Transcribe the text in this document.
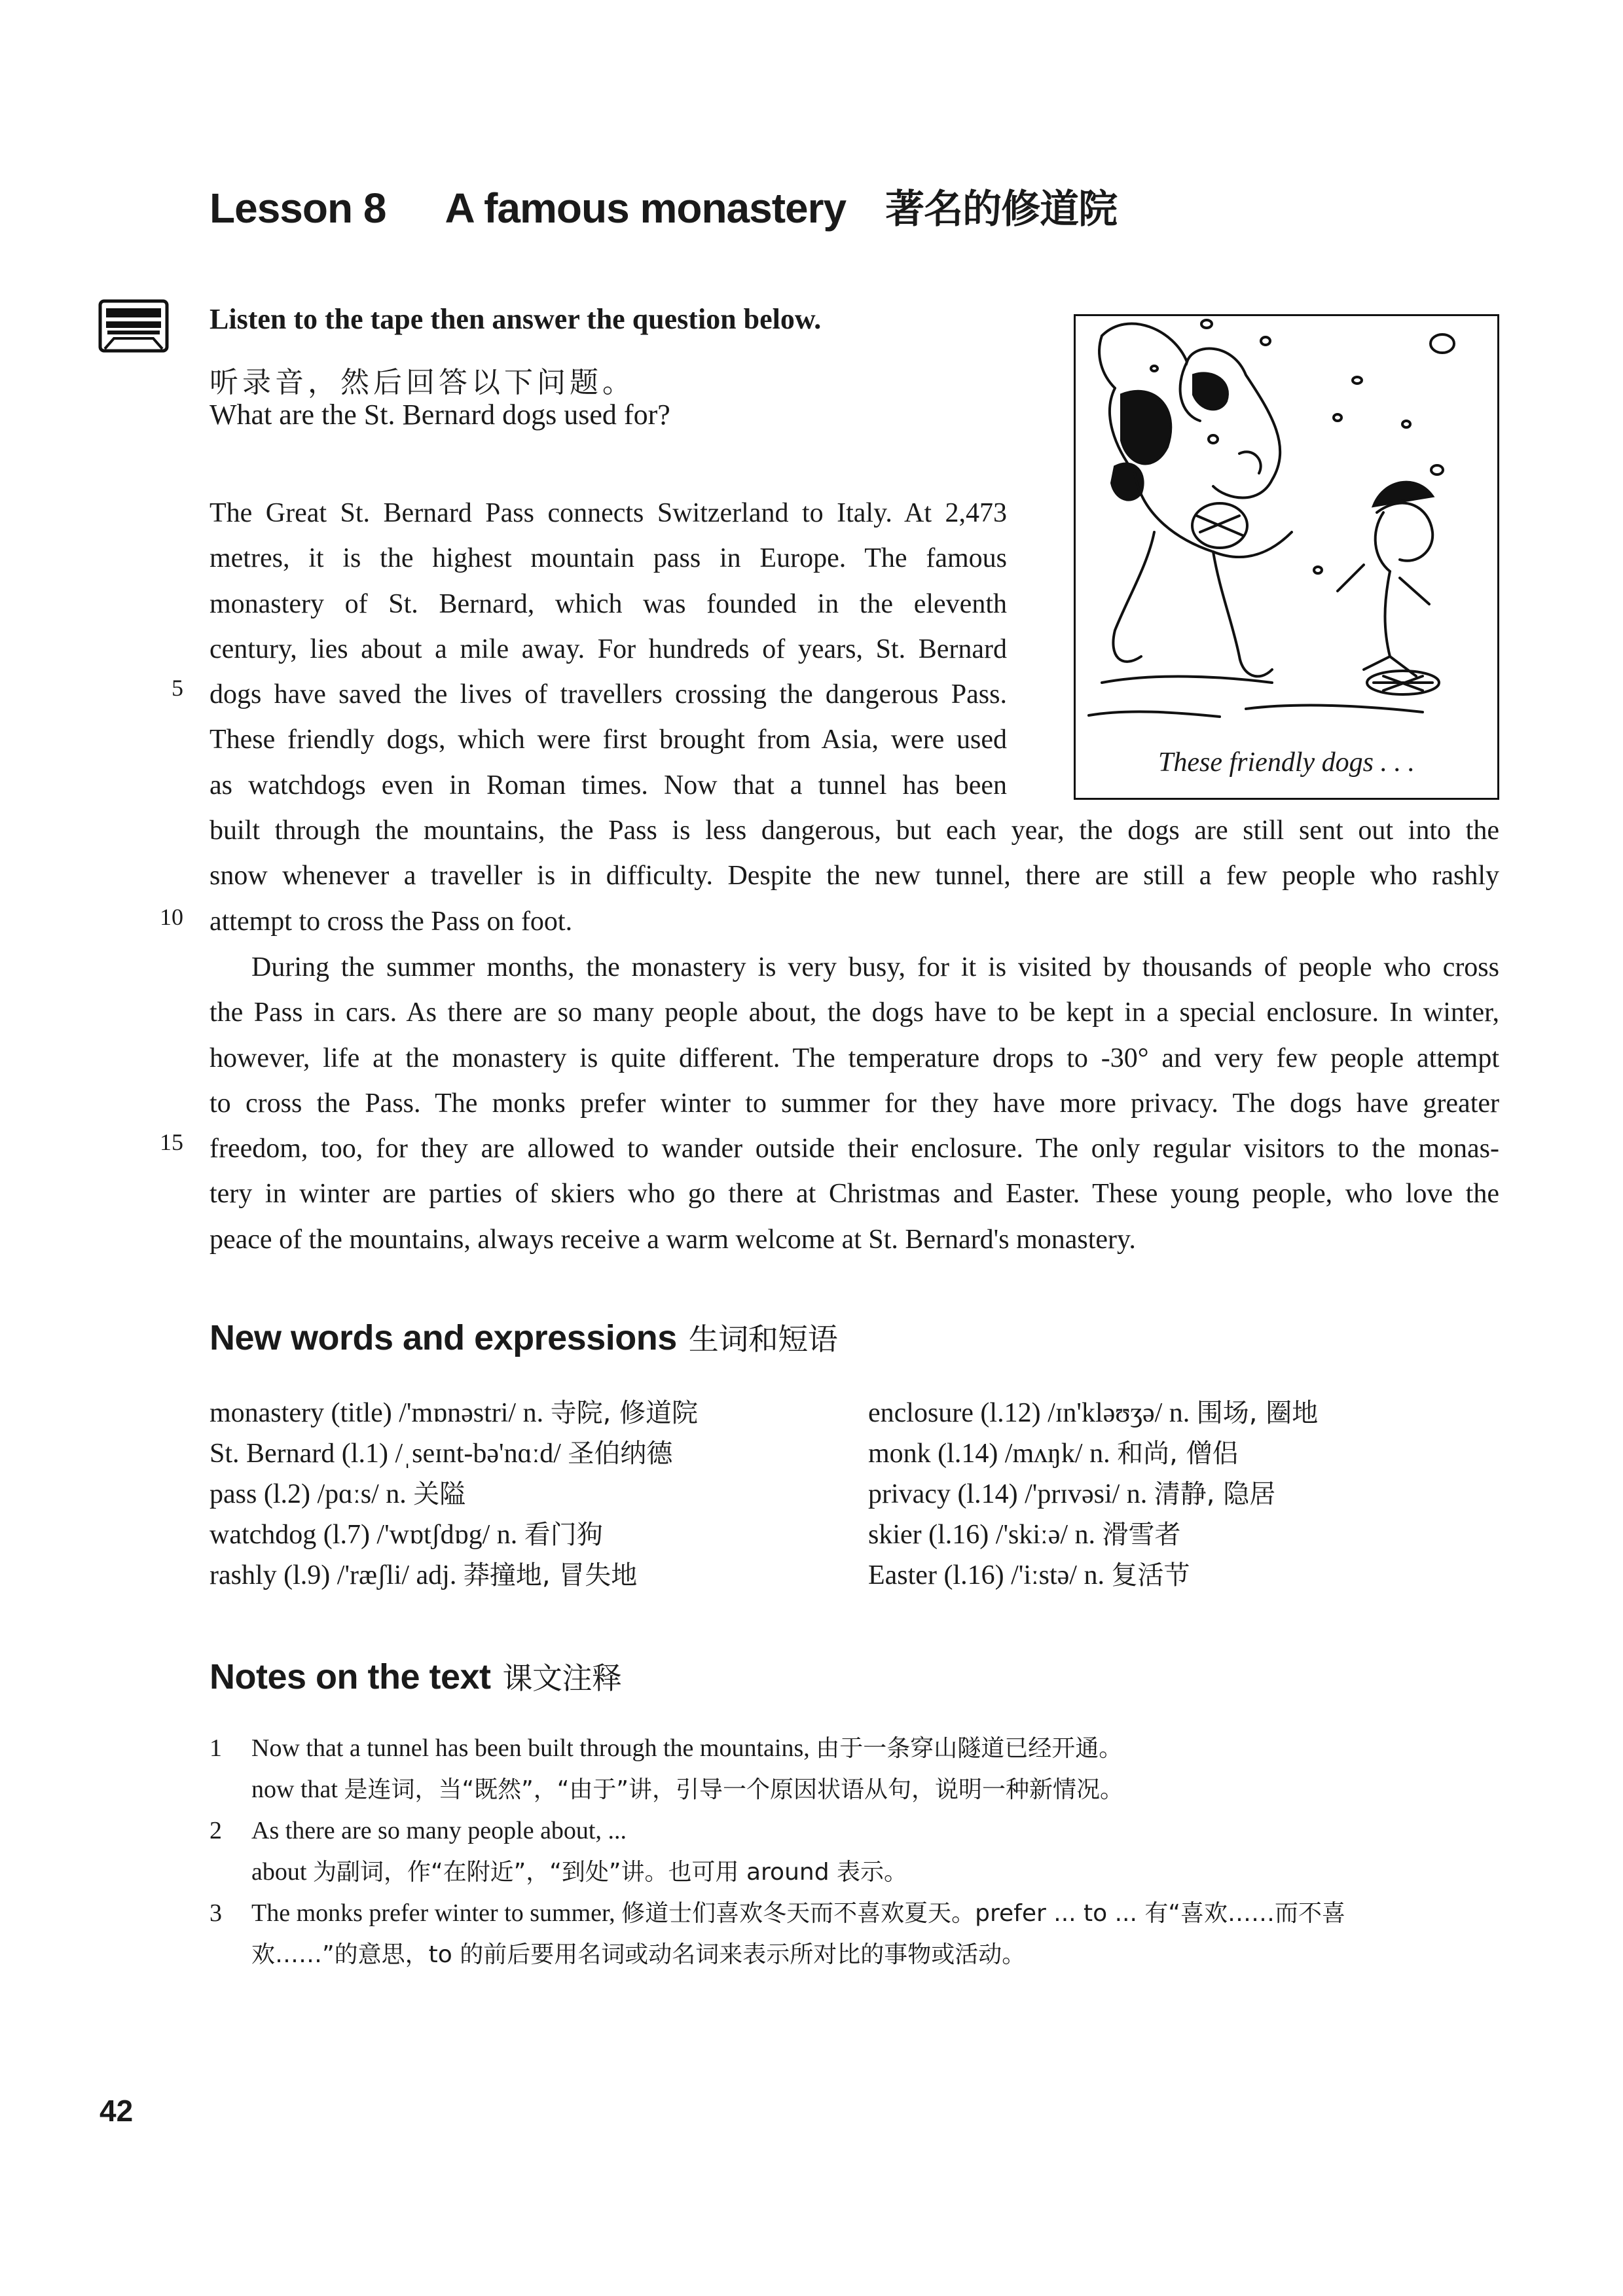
Lesson 8 A famous monastery 著名的修道院
Listen to the tape then answer the question below.
听录音，然后回答以下问题。
What are the St. Bernard dogs used for?
These friendly dogs . . .
The Great St. Bernard Pass connects Switzerland to Italy. At 2,473
metres, it is the highest mountain pass in Europe. The famous
monastery of St. Bernard, which was founded in the eleventh
century, lies about a mile away. For hundreds of years, St. Bernard
dogs have saved the lives of travellers crossing the dangerous Pass.
These friendly dogs, which were first brought from Asia, were used
as watchdogs even in Roman times. Now that a tunnel has been
built through the mountains, the Pass is less dangerous, but each year, the dogs are still sent out into the
snow whenever a traveller is in difficulty. Despite the new tunnel, there are still a few people who rashly
attempt to cross the Pass on foot.
During the summer months, the monastery is very busy, for it is visited by thousands of people who cross
the Pass in cars. As there are so many people about, the dogs have to be kept in a special enclosure. In winter,
however, life at the monastery is quite different. The temperature drops to -30° and very few people attempt
to cross the Pass. The monks prefer winter to summer for they have more privacy. The dogs have greater
freedom, too, for they are allowed to wander outside their enclosure. The only regular visitors to the monas-
tery in winter are parties of skiers who go there at Christmas and Easter. These young people, who love the
peace of the mountains, always receive a warm welcome at St. Bernard's monastery.
5
10
15
New words and expressions 生词和短语
monastery (title) /'mɒnəstri/ n. 寺院, 修道院
St. Bernard (l.1) /ˌseɪnt-bə'nɑːd/ 圣伯纳德
pass (l.2) /pɑːs/ n. 关隘
watchdog (l.7) /'wɒtʃdɒg/ n. 看门狗
rashly (l.9) /'ræʃli/ adj. 莽撞地, 冒失地
enclosure (l.12) /ɪn'kləʊʒə/ n. 围场, 圈地
monk (l.14) /mʌŋk/ n. 和尚, 僧侣
privacy (l.14) /'prɪvəsi/ n. 清静, 隐居
skier (l.16) /'skiːə/ n. 滑雪者
Easter (l.16) /'iːstə/ n. 复活节
Notes on the text 课文注释
1 Now that a tunnel has been built through the mountains, 由于一条穿山隧道已经开通。
now that 是连词，当“既然”，“由于”讲，引导一个原因状语从句，说明一种新情况。
2 As there are so many people about, ...
about 为副词，作“在附近”，“到处”讲。也可用 around 表示。
3 The monks prefer winter to summer, 修道士们喜欢冬天而不喜欢夏天。prefer ... to ... 有“喜欢……而不喜
欢……”的意思，to 的前后要用名词或动名词来表示所对比的事物或活动。
42
